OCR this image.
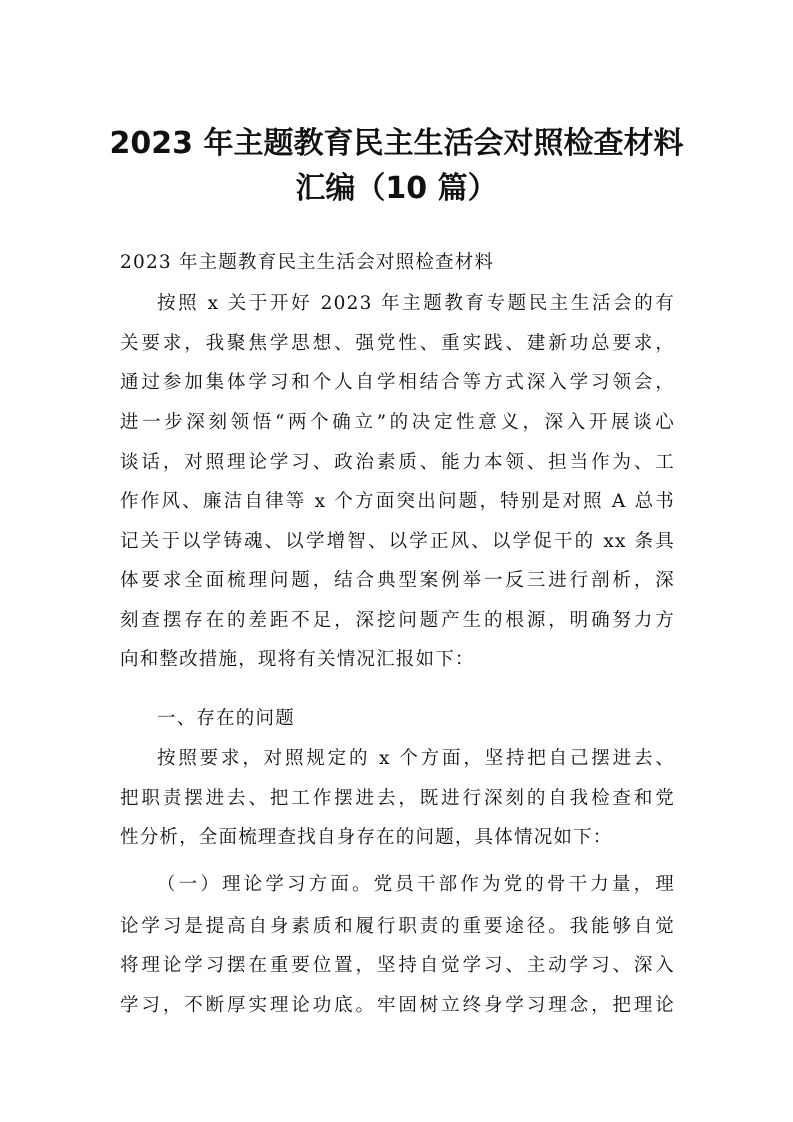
2023 年主题教育民主生活会对照检查材料
汇编（10 篇）
2023 年主题教育民主生活会对照检查材料
按照 x 关于开好 2023 年主题教育专题民主生活会的有
关要求，我聚焦学思想、强党性、重实践、建新功总要求，
通过参加集体学习和个人自学相结合等方式深入学习领会，
进一步深刻领悟“两个确立”的决定性意义，深入开展谈心
谈话，对照理论学习、政治素质、能力本领、担当作为、工
作作风、廉洁自律等 x 个方面突出问题，特别是对照 A 总书
记关于以学铸魂、以学增智、以学正风、以学促干的 xx 条具
体要求全面梳理问题，结合典型案例举一反三进行剖析，深
刻查摆存在的差距不足，深挖问题产生的根源，明确努力方
向和整改措施，现将有关情况汇报如下：
一、存在的问题
按照要求，对照规定的 x 个方面，坚持把自己摆进去、
把职责摆进去、把工作摆进去，既进行深刻的自我检查和党
性分析，全面梳理查找自身存在的问题，具体情况如下：
（一）理论学习方面。党员干部作为党的骨干力量，理
论学习是提高自身素质和履行职责的重要途径。我能够自觉
将理论学习摆在重要位置，坚持自觉学习、主动学习、深入
学习，不断厚实理论功底。牢固树立终身学习理念，把理论
